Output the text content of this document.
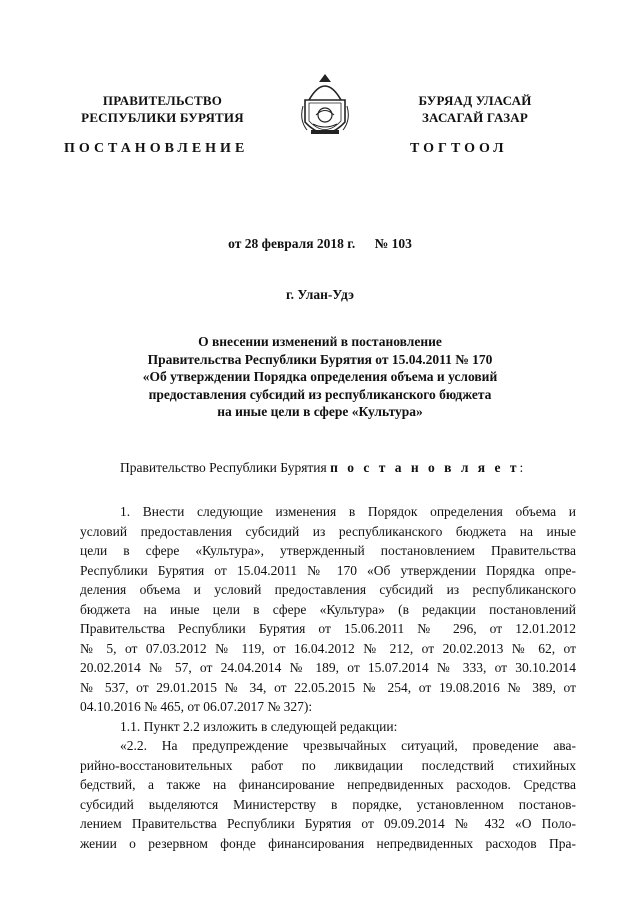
ПРАВИТЕЛЬСТВО
РЕСПУБЛИКИ БУРЯТИЯ
БУРЯАД УЛАСАЙ
ЗАСАГАЙ ГАЗАР
ПОСТАНОВЛЕНИЕ	ТОГТООЛ
от 28 февраля 2018 г. № 103
г. Улан-Удэ
О внесении изменений в постановление
Правительства Республики Бурятия от 15.04.2011 № 170
«Об утверждении Порядка определения объема и условий
предоставления субсидий из республиканского бюджета
на иные цели в сфере «Культура»
Правительство Республики Бурятия п о с т а н о в л я е т:
1. Внести следующие изменения в Порядок определения объема и
условий предоставления субсидий из республиканского бюджета на иные
цели в сфере «Культура», утвержденный постановлением Правительства
Республики Бурятия от 15.04.2011 № 170 «Об утверждении Порядка опре-
деления объема и условий предоставления субсидий из республиканского
бюджета на иные цели в сфере «Культура» (в редакции постановлений
Правительства Республики Бурятия от 15.06.2011 № 296, от 12.01.2012
№ 5, от 07.03.2012 № 119, от 16.04.2012 № 212, от 20.02.2013 № 62, от
20.02.2014 № 57, от 24.04.2014 № 189, от 15.07.2014 № 333, от 30.10.2014
№ 537, от 29.01.2015 № 34, от 22.05.2015 № 254, от 19.08.2016 № 389, от
04.10.2016 № 465, от 06.07.2017 № 327):
1.1. Пункт 2.2 изложить в следующей редакции:
«2.2. На предупреждение чрезвычайных ситуаций, проведение ава-
рийно-восстановительных работ по ликвидации последствий стихийных
бедствий, а также на финансирование непредвиденных расходов. Средства
субсидий выделяются Министерству в порядке, установленном постанов-
лением Правительства Республики Бурятия от 09.09.2014 № 432 «О Поло-
жении о резервном фонде финансирования непредвиденных расходов Пра-
